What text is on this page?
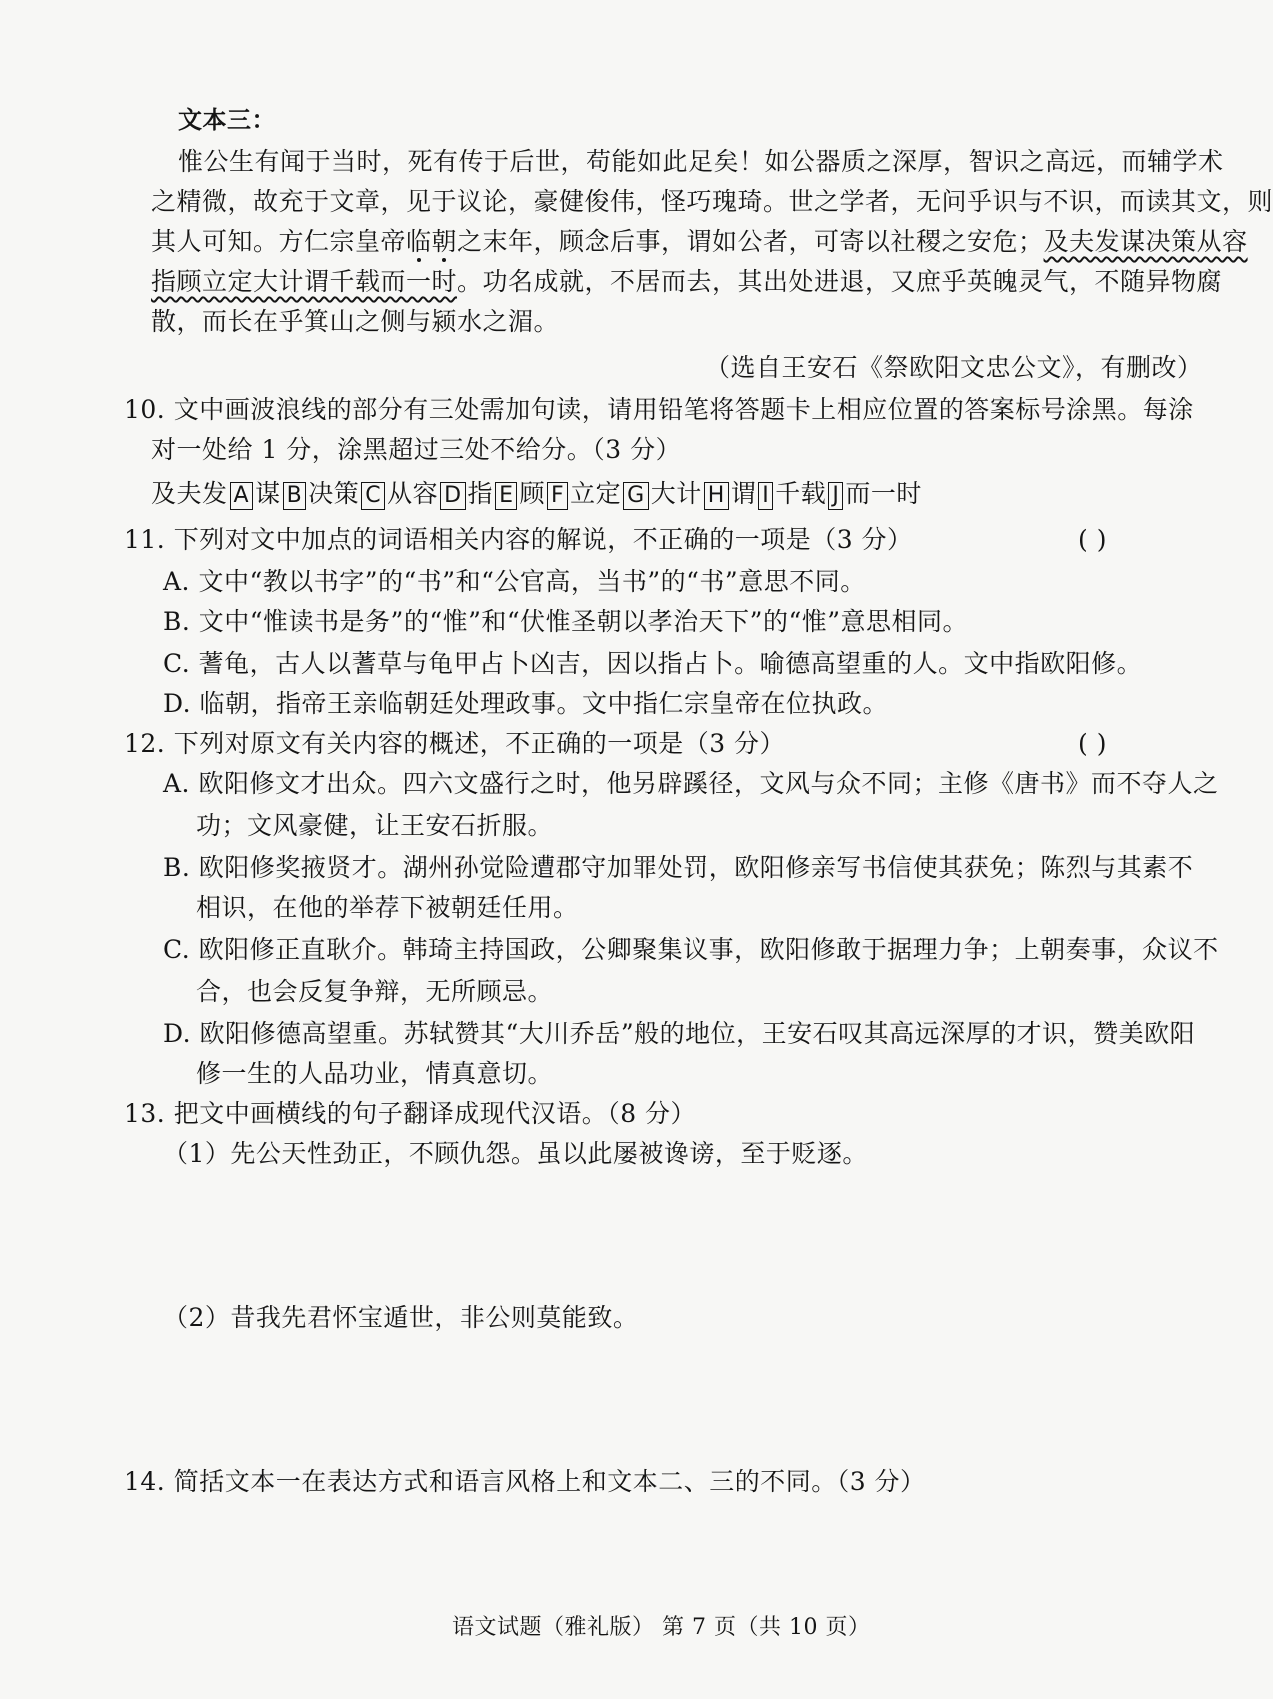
文本三：
惟公生有闻于当时，死有传于后世，苟能如此足矣！如公器质之深厚，智识之高远，而辅学术
之精微，故充于文章，见于议论，豪健俊伟，怪巧瑰琦。世之学者，无问乎识与不识，而读其文，则
其人可知。方仁宗皇帝临朝之末年，顾念后事，谓如公者，可寄以社稷之安危；及夫发谋决策从容
指顾立定大计谓千载而一时。功名成就，不居而去，其出处进退，又庶乎英魄灵气，不随异物腐
散，而长在乎箕山之侧与颍水之湄。
（选自王安石《祭欧阳文忠公文》，有删改）
10. 文中画波浪线的部分有三处需加句读，请用铅笔将答题卡上相应位置的答案标号涂黑。每涂
对一处给 1 分，涂黑超过三处不给分。（3 分）
及夫发 A 谋 B 决策 C 从容 D 指 E 顾 F 立定 G 大计 H 谓 I 千载 J 而一时
11. 下列对文中加点的词语相关内容的解说，不正确的一项是（3 分）	( )
A. 文中“教以书字”的“书”和“公官高，当书”的“书”意思不同。
B. 文中“惟读书是务”的“惟”和“伏惟圣朝以孝治天下”的“惟”意思相同。
C. 蓍龟，古人以蓍草与龟甲占卜凶吉，因以指占卜。喻德高望重的人。文中指欧阳修。
D. 临朝，指帝王亲临朝廷处理政事。文中指仁宗皇帝在位执政。
12. 下列对原文有关内容的概述，不正确的一项是（3 分）	( )
A. 欧阳修文才出众。四六文盛行之时，他另辟蹊径，文风与众不同；主修《唐书》而不夺人之
功；文风豪健，让王安石折服。
B. 欧阳修奖掖贤才。湖州孙觉险遭郡守加罪处罚，欧阳修亲写书信使其获免；陈烈与其素不
相识，在他的举荐下被朝廷任用。
C. 欧阳修正直耿介。韩琦主持国政，公卿聚集议事，欧阳修敢于据理力争；上朝奏事，众议不
合，也会反复争辩，无所顾忌。
D. 欧阳修德高望重。苏轼赞其“大川乔岳”般的地位，王安石叹其高远深厚的才识，赞美欧阳
修一生的人品功业，情真意切。
13. 把文中画横线的句子翻译成现代汉语。（8 分）
（1）先公天性劲正，不顾仇怨。虽以此屡被谗谤，至于贬逐。
（2）昔我先君怀宝遁世，非公则莫能致。
14. 简括文本一在表达方式和语言风格上和文本二、三的不同。（3 分）
语文试题（雅礼版） 第 7 页（共 10 页）
